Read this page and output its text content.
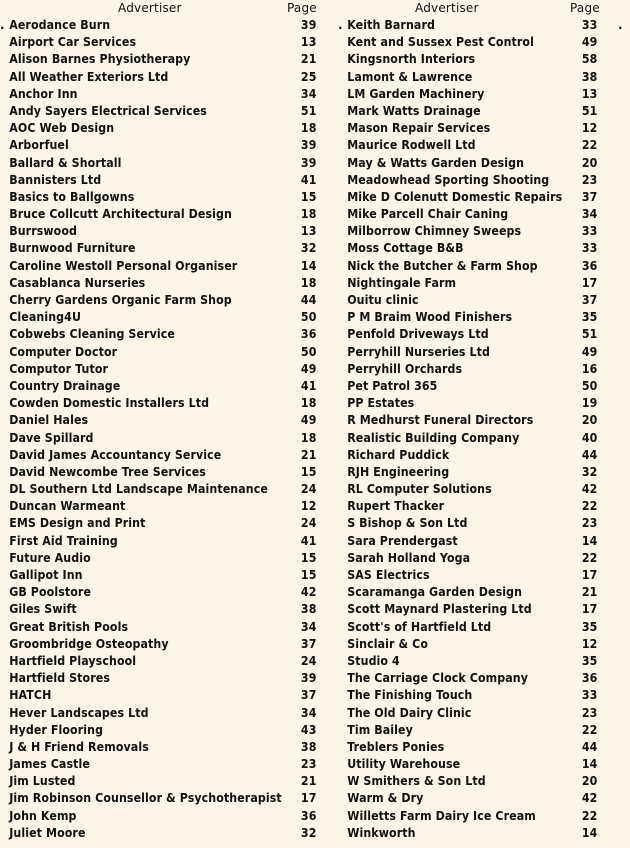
Advertiser	Page
Aerodance Burn	39
Airport Car Services	13
Alison Barnes Physiotherapy	21
All Weather Exteriors Ltd	25
Anchor Inn	34
Andy Sayers Electrical Services	51
AOC Web Design	18
Arborfuel	39
Ballard & Shortall	39
Bannisters Ltd	41
Basics to Ballgowns	15
Bruce Collcutt Architectural Design	18
Burrswood	13
Burnwood Furniture	32
Caroline Westoll Personal Organiser	14
Casablanca Nurseries	18
Cherry Gardens Organic Farm Shop	44
Cleaning4U	50
Cobwebs Cleaning Service	36
Computer Doctor	50
Computor Tutor	49
Country Drainage	41
Cowden Domestic Installers Ltd	18
Daniel Hales	49
Dave Spillard	18
David James Accountancy Service	21
David Newcombe Tree Services	15
DL Southern Ltd Landscape Maintenance	24
Duncan Warmeant	12
EMS Design and Print	24
First Aid Training	41
Future Audio	15
Gallipot Inn	15
GB Poolstore	42
Giles Swift	38
Great British Pools	34
Groombridge Osteopathy	37
Hartfield Playschool	24
Hartfield Stores	39
HATCH	37
Hever Landscapes Ltd	34
Hyder Flooring	43
J & H Friend Removals	38
James Castle	23
Jim Lusted	21
Jim Robinson Counsellor & Psychotherapist	17
John Kemp	36
Juliet Moore	32
Advertiser	Page
Keith Barnard	33
Kent and Sussex Pest Control	49
Kingsnorth Interiors	58
Lamont & Lawrence	38
LM Garden Machinery	13
Mark Watts Drainage	51
Mason Repair Services	12
Maurice Rodwell Ltd	22
May & Watts Garden Design	20
Meadowhead Sporting Shooting	23
Mike D Colenutt Domestic Repairs	37
Mike Parcell Chair Caning	34
Milborrow Chimney Sweeps	33
Moss Cottage B&B	33
Nick the Butcher & Farm Shop	36
Nightingale Farm	17
Ouitu clinic	37
P M Braim Wood Finishers	35
Penfold Driveways Ltd	51
Perryhill Nurseries Ltd	49
Perryhill Orchards	16
Pet Patrol 365	50
PP Estates	19
R Medhurst Funeral Directors	20
Realistic Building Company	40
Richard Puddick	44
RJH Engineering	32
RL Computer Solutions	42
Rupert Thacker	22
S Bishop & Son Ltd	23
Sara Prendergast	14
Sarah Holland Yoga	22
SAS Electrics	17
Scaramanga Garden Design	21
Scott Maynard Plastering Ltd	17
Scott's of Hartfield Ltd	35
Sinclair & Co	12
Studio 4	35
The Carriage Clock Company	36
The Finishing Touch	33
The Old Dairy Clinic	23
Tim Bailey	22
Treblers Ponies	44
Utility Warehouse	14
W Smithers & Son Ltd	20
Warm & Dry	42
Willetts Farm Dairy Ice Cream	22
Winkworth	14
.	.	.
